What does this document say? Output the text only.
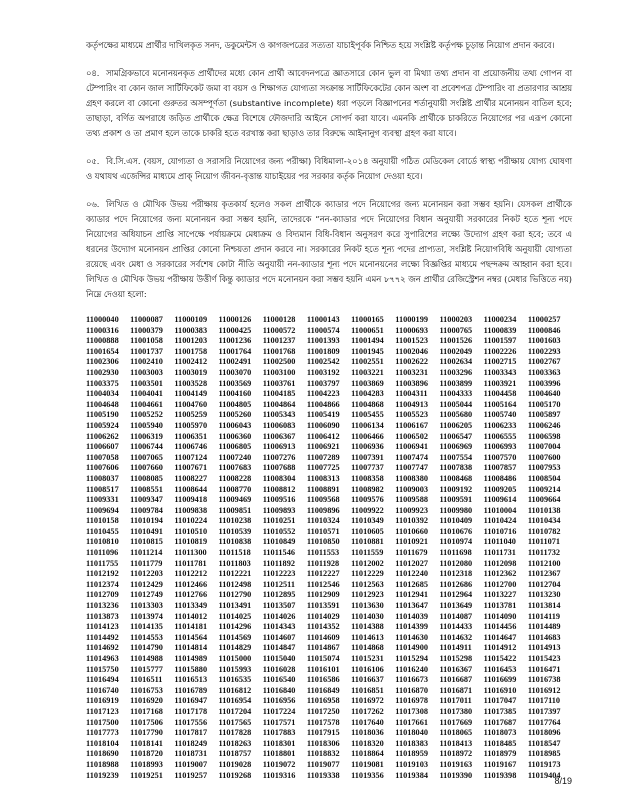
কর্তৃপক্ষের মাধ্যমে প্রার্থীর দাখিলকৃত সনদ, ডকুমেন্টস ও কাগজপত্রের সত্যতা যাচাইপূর্বক নিশ্চিত হয়ে সংশ্লিষ্ট কর্তৃপক্ষ চূড়ান্ত নিয়োগ প্রদান করবে।

০৪. সামগ্রিকভাবে মনোনয়নকৃত প্রার্থীদের মধ্যে কোন প্রার্থী আবেদনপত্রে জ্ঞাতসারে কোন ভুল বা মিথ্যা তথ্য প্রদান বা প্রয়োজনীয় তথ্য গোপন বা টেম্পারিং বা কোন জাল সার্টিফিকেট জমা বা বয়স ও শিক্ষাগত যোগ্যতা সংক্রান্ত সার্টিফিকেটের কোন অংশ বা প্রবেশপত্র টেম্পারিং বা প্রতারণার আশ্রয় গ্রহণ করলে বা কোনো গুরুতর অসম্পূর্ণতা (substantive incomplete) ধরা পড়লে বিজ্ঞাপনের শর্তানুযায়ী সংশ্লিষ্ট প্রার্থীর মনোনয়ন বাতিল হবে; তাছাড়া, বর্ণিত অপরাধে জড়িত প্রার্থীকে ক্ষেত্র বিশেষে ফৌজদারি আইনে সোপর্দ করা যাবে। এমনকি প্রার্থীকে চাকরিতে নিয়োগের পর এরূপ কোনো তথ্য প্রকাশ ও তা প্রমাণ হলে তাকে চাকরি হতে বরখাস্ত করা ছাড়াও তার বিরুদ্ধে আইনানুগ ব্যবস্থা গ্রহণ করা যাবে।

০৫. বি.সি.এস. (বয়স, যোগ্যতা ও সরাসরি নিয়োগের জন্য পরীক্ষা) বিধিমালা-২০১৪ অনুযায়ী গঠিত মেডিকেল বোর্ডে স্বাস্থ্য পরীক্ষায় যোগ্য ঘোষণা ও যথাযথ এজেন্সির মাধ্যমে প্রাক্ নিয়োগ জীবন-বৃত্তান্ত যাচাইয়ের পর সরকার কর্তৃক নিয়োগ দেওয়া হবে।

০৬. লিখিত ও মৌখিক উভয় পরীক্ষায় কৃতকার্য হলেও সকল প্রার্থীকে ক্যাডার পদে নিয়োগের জন্য মনোনয়ন করা সম্ভব হয়নি। যেসকল প্রার্থীকে ক্যাডার পদে নিয়োগের জন্য মনোনয়ন করা সম্ভব হয়নি, তাদেরকে “নন-ক্যাডার পদে নিয়োগের বিধান অনুযায়ী সরকারের নিকট হতে শূন্য পদে নিয়োগের অধিযাচন প্রাপ্তি সাপেক্ষে পর্যায়ক্রমে মেধাক্রম ও বিদ্যমান বিধি-বিধান অনুসরণ করে সুপারিশের লক্ষ্যে উদ্যোগ গ্রহণ করা হবে; তবে এ ধরনের উদ্যোগ মনোনয়ন প্রাপ্তির কোনো নিশ্চয়তা প্রদান করবে না। সরকারের নিকট হতে শূন্য পদের প্রাপ্যতা, সংশ্লিষ্ট নিয়োগবিধি অনুযায়ী যোগ্যতা রয়েছে এবং মেধা ও সরকারের সর্বশেষ কোটা নীতি অনুযায়ী নন-ক্যাডার শূন্য পদে মনোনয়নের লক্ষ্যে বিজ্ঞপ্তির মাধ্যমে পছন্দক্রম আহ্বান করা হবে। লিখিত ও মৌখিক উভয় পরীক্ষায় উত্তীর্ণ কিন্তু ক্যাডার পদে মনোনয়ন করা সম্ভব হয়নি এমন ৮৭৭২ জন প্রার্থীর রেজিস্ট্রেশন নম্বর (মেধার ভিত্তিতে নয়) নিম্নে দেওয়া হলো:

11000040	11000087	11000109	11000126	11000128	11000143	11000165	11000199	11000203	11000234	11000257
11000316	11000379	11000383	11000425	11000572	11000574	11000651	11000693	11000765	11000839	11000846
11000888	11001058	11001203	11001236	11001237	11001393	11001494	11001523	11001526	11001597	11001603
11001654	11001737	11001758	11001764	11001768	11001809	11001945	11002046	11002049	11002226	11002293
11002306	11002410	11002412	11002491	11002500	11002542	11002551	11002622	11002634	11002715	11002767
11002930	11003003	11003019	11003070	11003100	11003192	11003221	11003231	11003296	11003343	11003363
11003375	11003501	11003528	11003569	11003761	11003797	11003869	11003896	11003899	11003921	11003996
11004034	11004041	11004149	11004160	11004185	11004223	11004283	11004311	11004333	11004458	11004640
11004648	11004661	11004760	11004805	11004864	11004866	11004868	11004913	11005044	11005164	11005170
11005190	11005252	11005259	11005260	11005343	11005419	11005455	11005523	11005680	11005740	11005897
11005924	11005940	11005970	11006043	11006083	11006090	11006134	11006167	11006205	11006233	11006246
11006262	11006319	11006351	11006360	11006367	11006412	11006466	11006502	11006547	11006555	11006598
11006607	11006744	11006746	11006805	11006913	11006921	11006936	11006941	11006969	11006993	11007004
11007058	11007065	11007124	11007240	11007276	11007289	11007391	11007474	11007554	11007570	11007600
11007606	11007660	11007671	11007683	11007688	11007725	11007737	11007747	11007838	11007857	11007953
11008037	11008085	11008227	11008228	11008304	11008313	11008358	11008380	11008468	11008486	11008504
11008517	11008551	11008644	11008770	11008812	11008891	11008982	11009003	11009192	11009205	11009214
11009331	11009347	11009418	11009469	11009516	11009568	11009576	11009588	11009591	11009614	11009664
11009694	11009784	11009838	11009851	11009893	11009896	11009922	11009923	11009980	11010004	11010138
11010158	11010194	11010224	11010238	11010251	11010324	11010349	11010392	11010409	11010424	11010434
11010455	11010491	11010510	11010539	11010552	11010571	11010605	11010660	11010676	11010716	11010782
11010810	11010815	11010819	11010838	11010849	11010850	11010881	11010921	11010974	11011040	11011071
11011096	11011214	11011300	11011518	11011546	11011553	11011559	11011679	11011698	11011731	11011732
11011755	11011779	11011781	11011803	11011892	11011928	11012002	11012027	11012080	11012098	11012100
11012192	11012203	11012212	11012221	11012223	11012227	11012229	11012240	11012318	11012362	11012367
11012374	11012429	11012466	11012498	11012511	11012546	11012563	11012685	11012686	11012700	11012704
11012709	11012749	11012766	11012790	11012895	11012909	11012923	11012941	11012964	11013227	11013230
11013236	11013303	11013349	11013491	11013507	11013591	11013630	11013647	11013649	11013781	11013814
11013873	11013974	11014012	11014025	11014026	11014029	11014030	11014039	11014087	11014090	11014119
11014123	11014135	11014181	11014296	11014343	11014352	11014388	11014399	11014433	11014456	11014489
11014492	11014553	11014564	11014569	11014607	11014609	11014613	11014630	11014632	11014647	11014683
11014692	11014790	11014814	11014829	11014847	11014867	11014868	11014900	11014911	11014912	11014913
11014963	11014988	11014989	11015000	11015040	11015074	11015231	11015294	11015298	11015422	11015423
11015750	11015777	11015880	11015993	11016028	11016101	11016106	11016240	11016367	11016453	11016471
11016494	11016511	11016513	11016535	11016540	11016586	11016637	11016673	11016687	11016699	11016738
11016740	11016753	11016789	11016812	11016840	11016849	11016851	11016870	11016871	11016910	11016912
11016919	11016920	11016947	11016954	11016956	11016958	11016972	11016978	11017011	11017047	11017110
11017123	11017168	11017178	11017204	11017224	11017250	11017262	11017308	11017380	11017385	11017397
11017500	11017506	11017556	11017565	11017571	11017578	11017640	11017661	11017669	11017687	11017764
11017773	11017790	11017817	11017828	11017883	11017915	11018036	11018040	11018065	11018073	11018096
11018104	11018141	11018249	11018263	11018301	11018306	11018320	11018383	11018413	11018485	11018547
11018690	11018720	11018731	11018757	11018801	11018832	11018864	11018959	11018972	11018979	11018985
11018988	11018993	11019007	11019028	11019072	11019077	11019081	11019103	11019163	11019167	11019173
11019239	11019251	11019257	11019268	11019316	11019338	11019356	11019384	11019390	11019398	11019404
8/19
